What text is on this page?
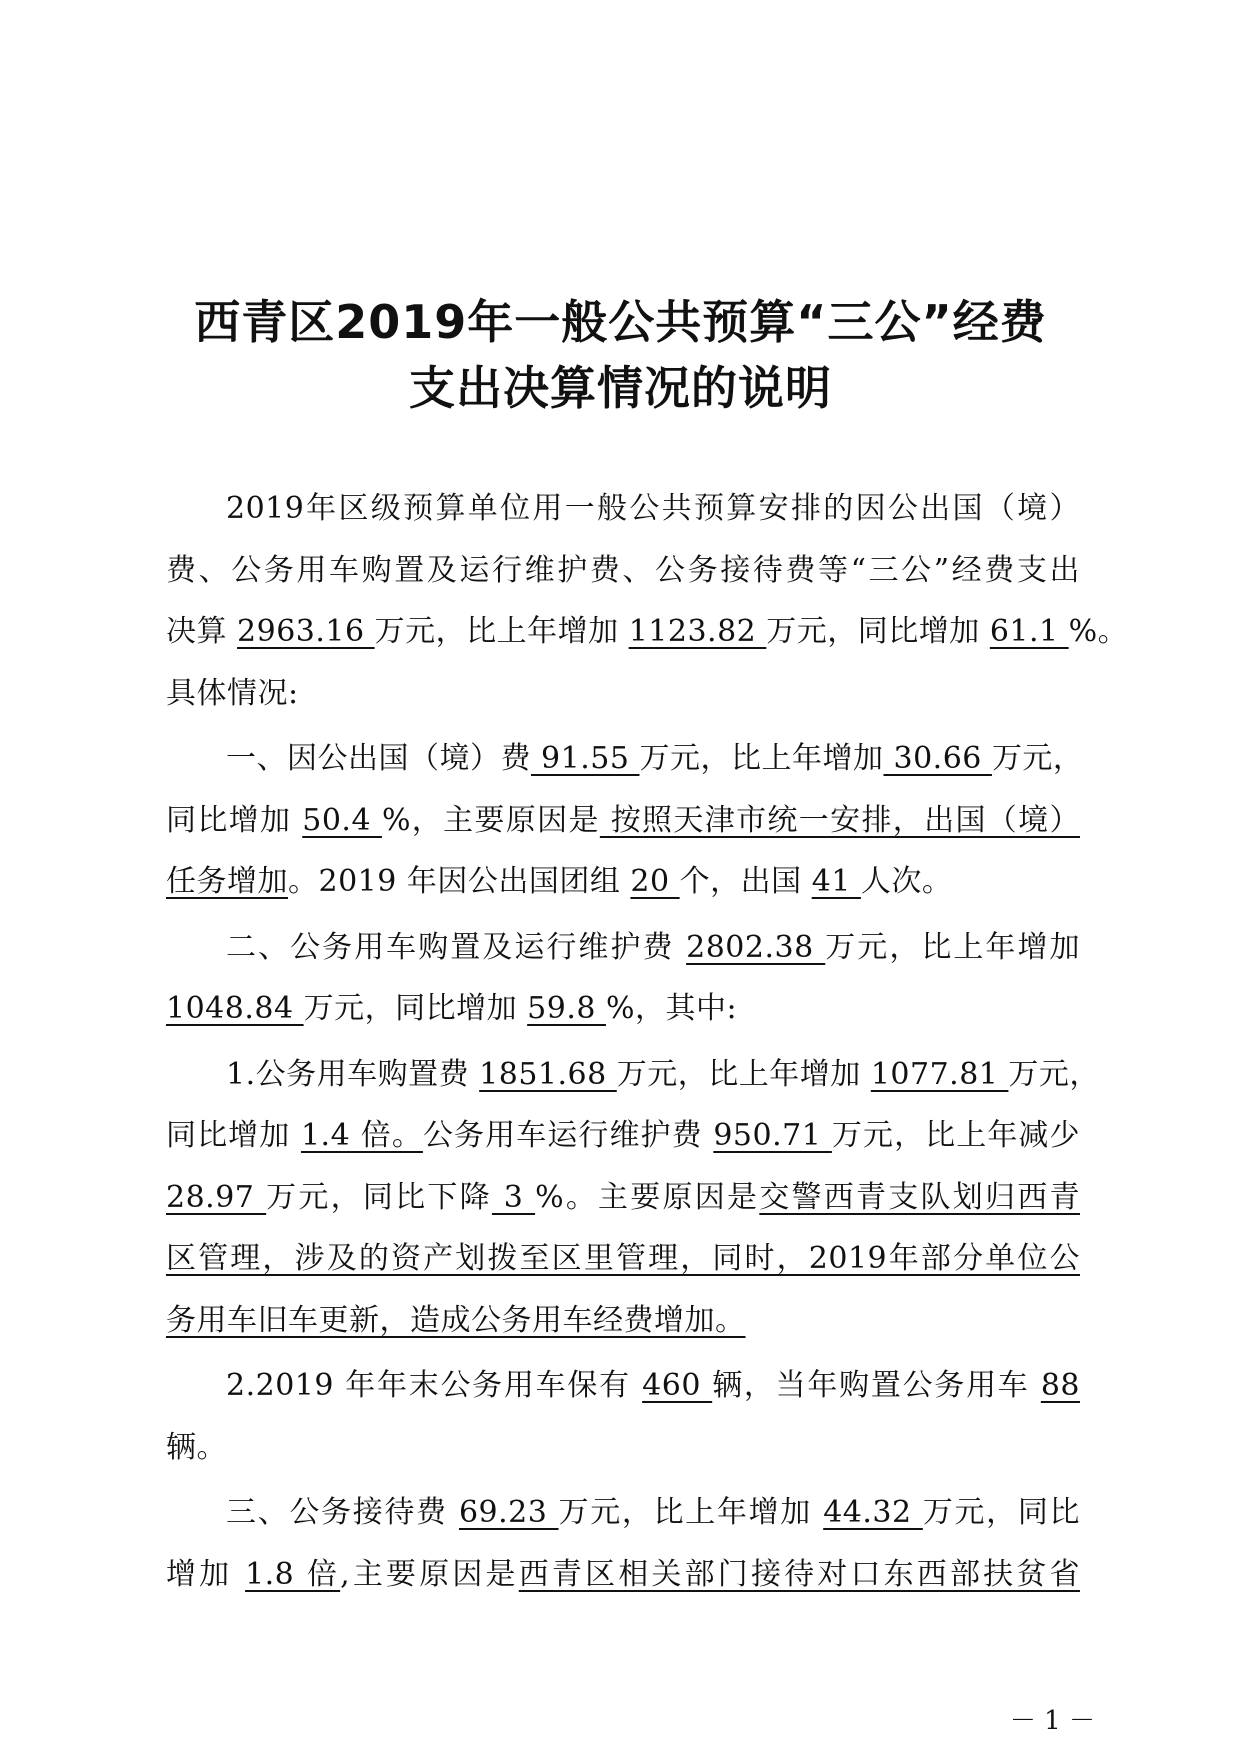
西青区2019年一般公共预算“三公”经费
支出决算情况的说明
2019年区级预算单位用一般公共预算安排的因公出国（境）
费、公务用车购置及运行维护费、公务接待费等“三公”经费支出
决算 2963.16 万元，比上年增加 1123.82 万元，同比增加 61.1 %。
具体情况:
一、因公出国（境）费 91.55 万元，比上年增加 30.66 万元，
同比增加 50.4 %，主要原因是 按照天津市统一安排，出国（境）
任务增加。2019 年因公出国团组 20 个，出国 41 人次。
二、公务用车购置及运行维护费 2802.38 万元，比上年增加
1048.84 万元，同比增加 59.8 %，其中:
1.公务用车购置费 1851.68 万元，比上年增加 1077.81 万元，
同比增加 1.4 倍。公务用车运行维护费 950.71 万元，比上年减少
28.97 万元，同比下降 3 %。主要原因是交警西青支队划归西青
区管理，涉及的资产划拨至区里管理，同时，2019年部分单位公
务用车旧车更新，造成公务用车经费增加。
2.2019 年年末公务用车保有 460 辆，当年购置公务用车 88
辆。
三、公务接待费 69.23 万元，比上年增加 44.32 万元，同比
增加 1.8 倍,主要原因是西青区相关部门接待对口东西部扶贫省
－ 1 －
